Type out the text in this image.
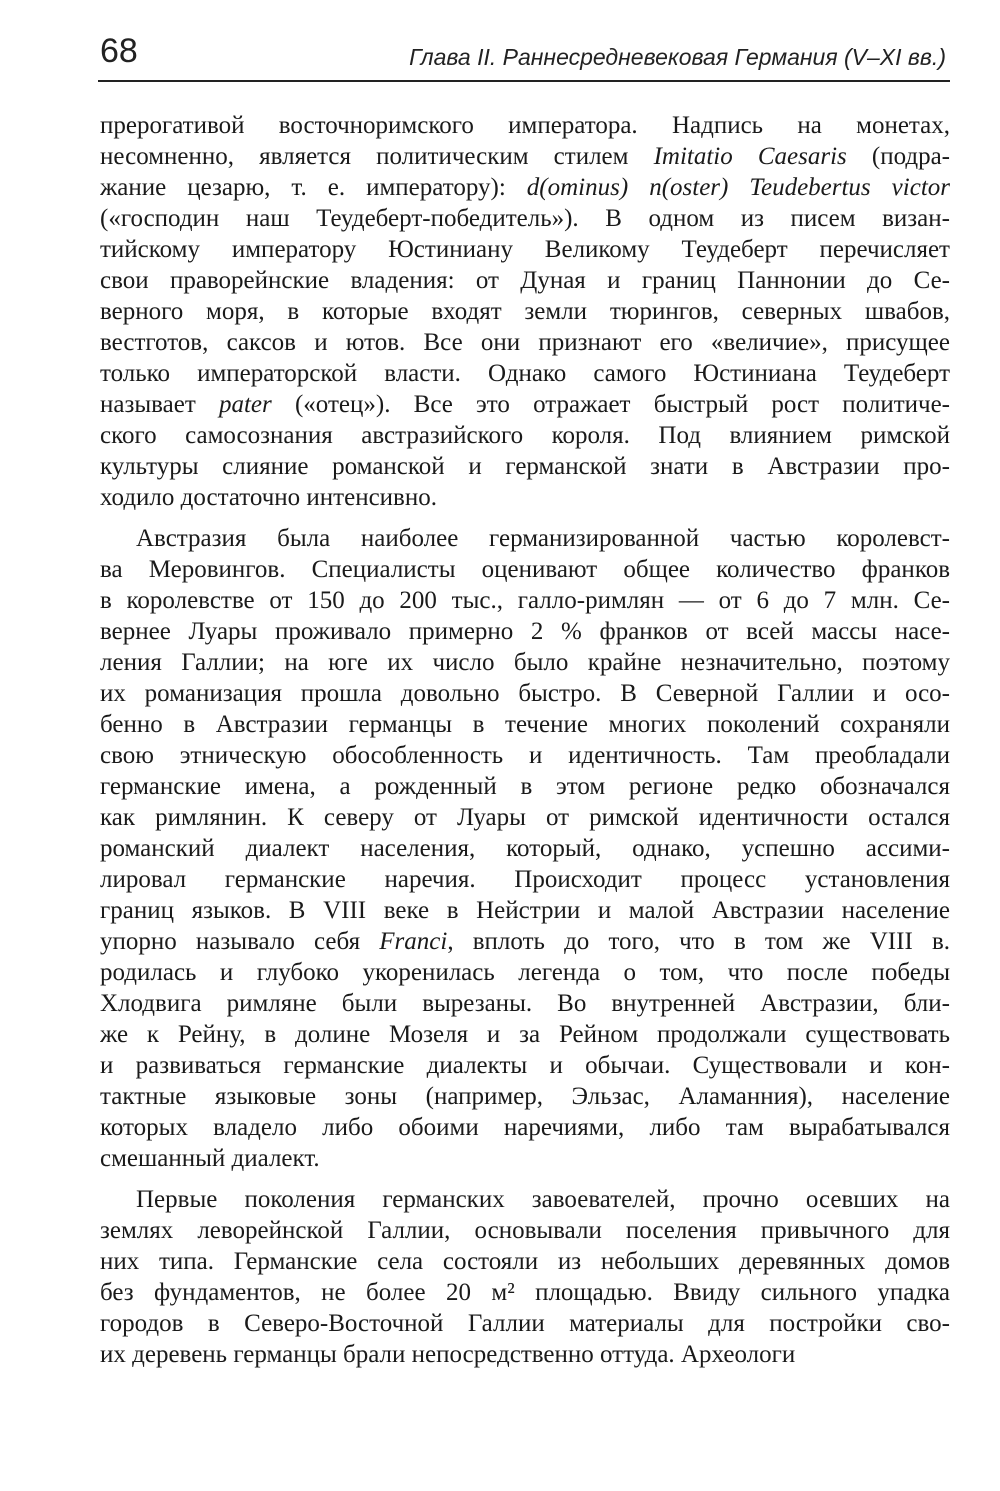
68	Глава II. Раннесредневековая Германия (V–XI вв.)
прерогативой восточноримского императора. Надпись на монетах,
несомненно, является политическим стилем Imitatio Caesaris (подра-
жание цезарю, т. е. императору): d(ominus) n(oster) Teudebertus victor
(«господин наш Теудеберт-победитель»). В одном из писем визан-
тийскому императору Юстиниану Великому Теудеберт перечисляет
свои праворейнские владения: от Дуная и границ Паннонии до Се-
верного моря, в которые входят земли тюрингов, северных швабов,
вестготов, саксов и ютов. Все они признают его «величие», присущее
только императорской власти. Однако самого Юстиниана Теудеберт
называет pater («отец»). Все это отражает быстрый рост политиче-
ского самосознания австразийского короля. Под влиянием римской
культуры слияние романской и германской знати в Австразии про-
ходило достаточно интенсивно.
Австразия была наиболее германизированной частью королевст-
ва Меровингов. Специалисты оценивают общее количество франков
в королевстве от 150 до 200 тыс., галло-римлян — от 6 до 7 млн. Се-
вернее Луары проживало примерно 2 % франков от всей массы насе-
ления Галлии; на юге их число было крайне незначительно, поэтому
их романизация прошла довольно быстро. В Северной Галлии и осо-
бенно в Австразии германцы в течение многих поколений сохраняли
свою этническую обособленность и идентичность. Там преобладали
германские имена, а рожденный в этом регионе редко обозначался
как римлянин. К северу от Луары от римской идентичности остался
романский диалект населения, который, однако, успешно ассими-
лировал германские наречия. Происходит процесс установления
границ языков. В VIII веке в Нейстрии и малой Австразии население
упорно называло себя Franci, вплоть до того, что в том же VIII в.
родилась и глубоко укоренилась легенда о том, что после победы
Хлодвига римляне были вырезаны. Во внутренней Австразии, бли-
же к Рейну, в долине Мозеля и за Рейном продолжали существовать
и развиваться германские диалекты и обычаи. Существовали и кон-
тактные языковые зоны (например, Эльзас, Аламанния), население
которых владело либо обоими наречиями, либо там вырабатывался
смешанный диалект.
Первые поколения германских завоевателей, прочно осевших на
землях леворейнской Галлии, основывали поселения привычного для
них типа. Германские села состояли из небольших деревянных домов
без фундаментов, не более 20 м² площадью. Ввиду сильного упадка
городов в Северо-Восточной Галлии материалы для постройки сво-
их деревень германцы брали непосредственно оттуда. Археологи
